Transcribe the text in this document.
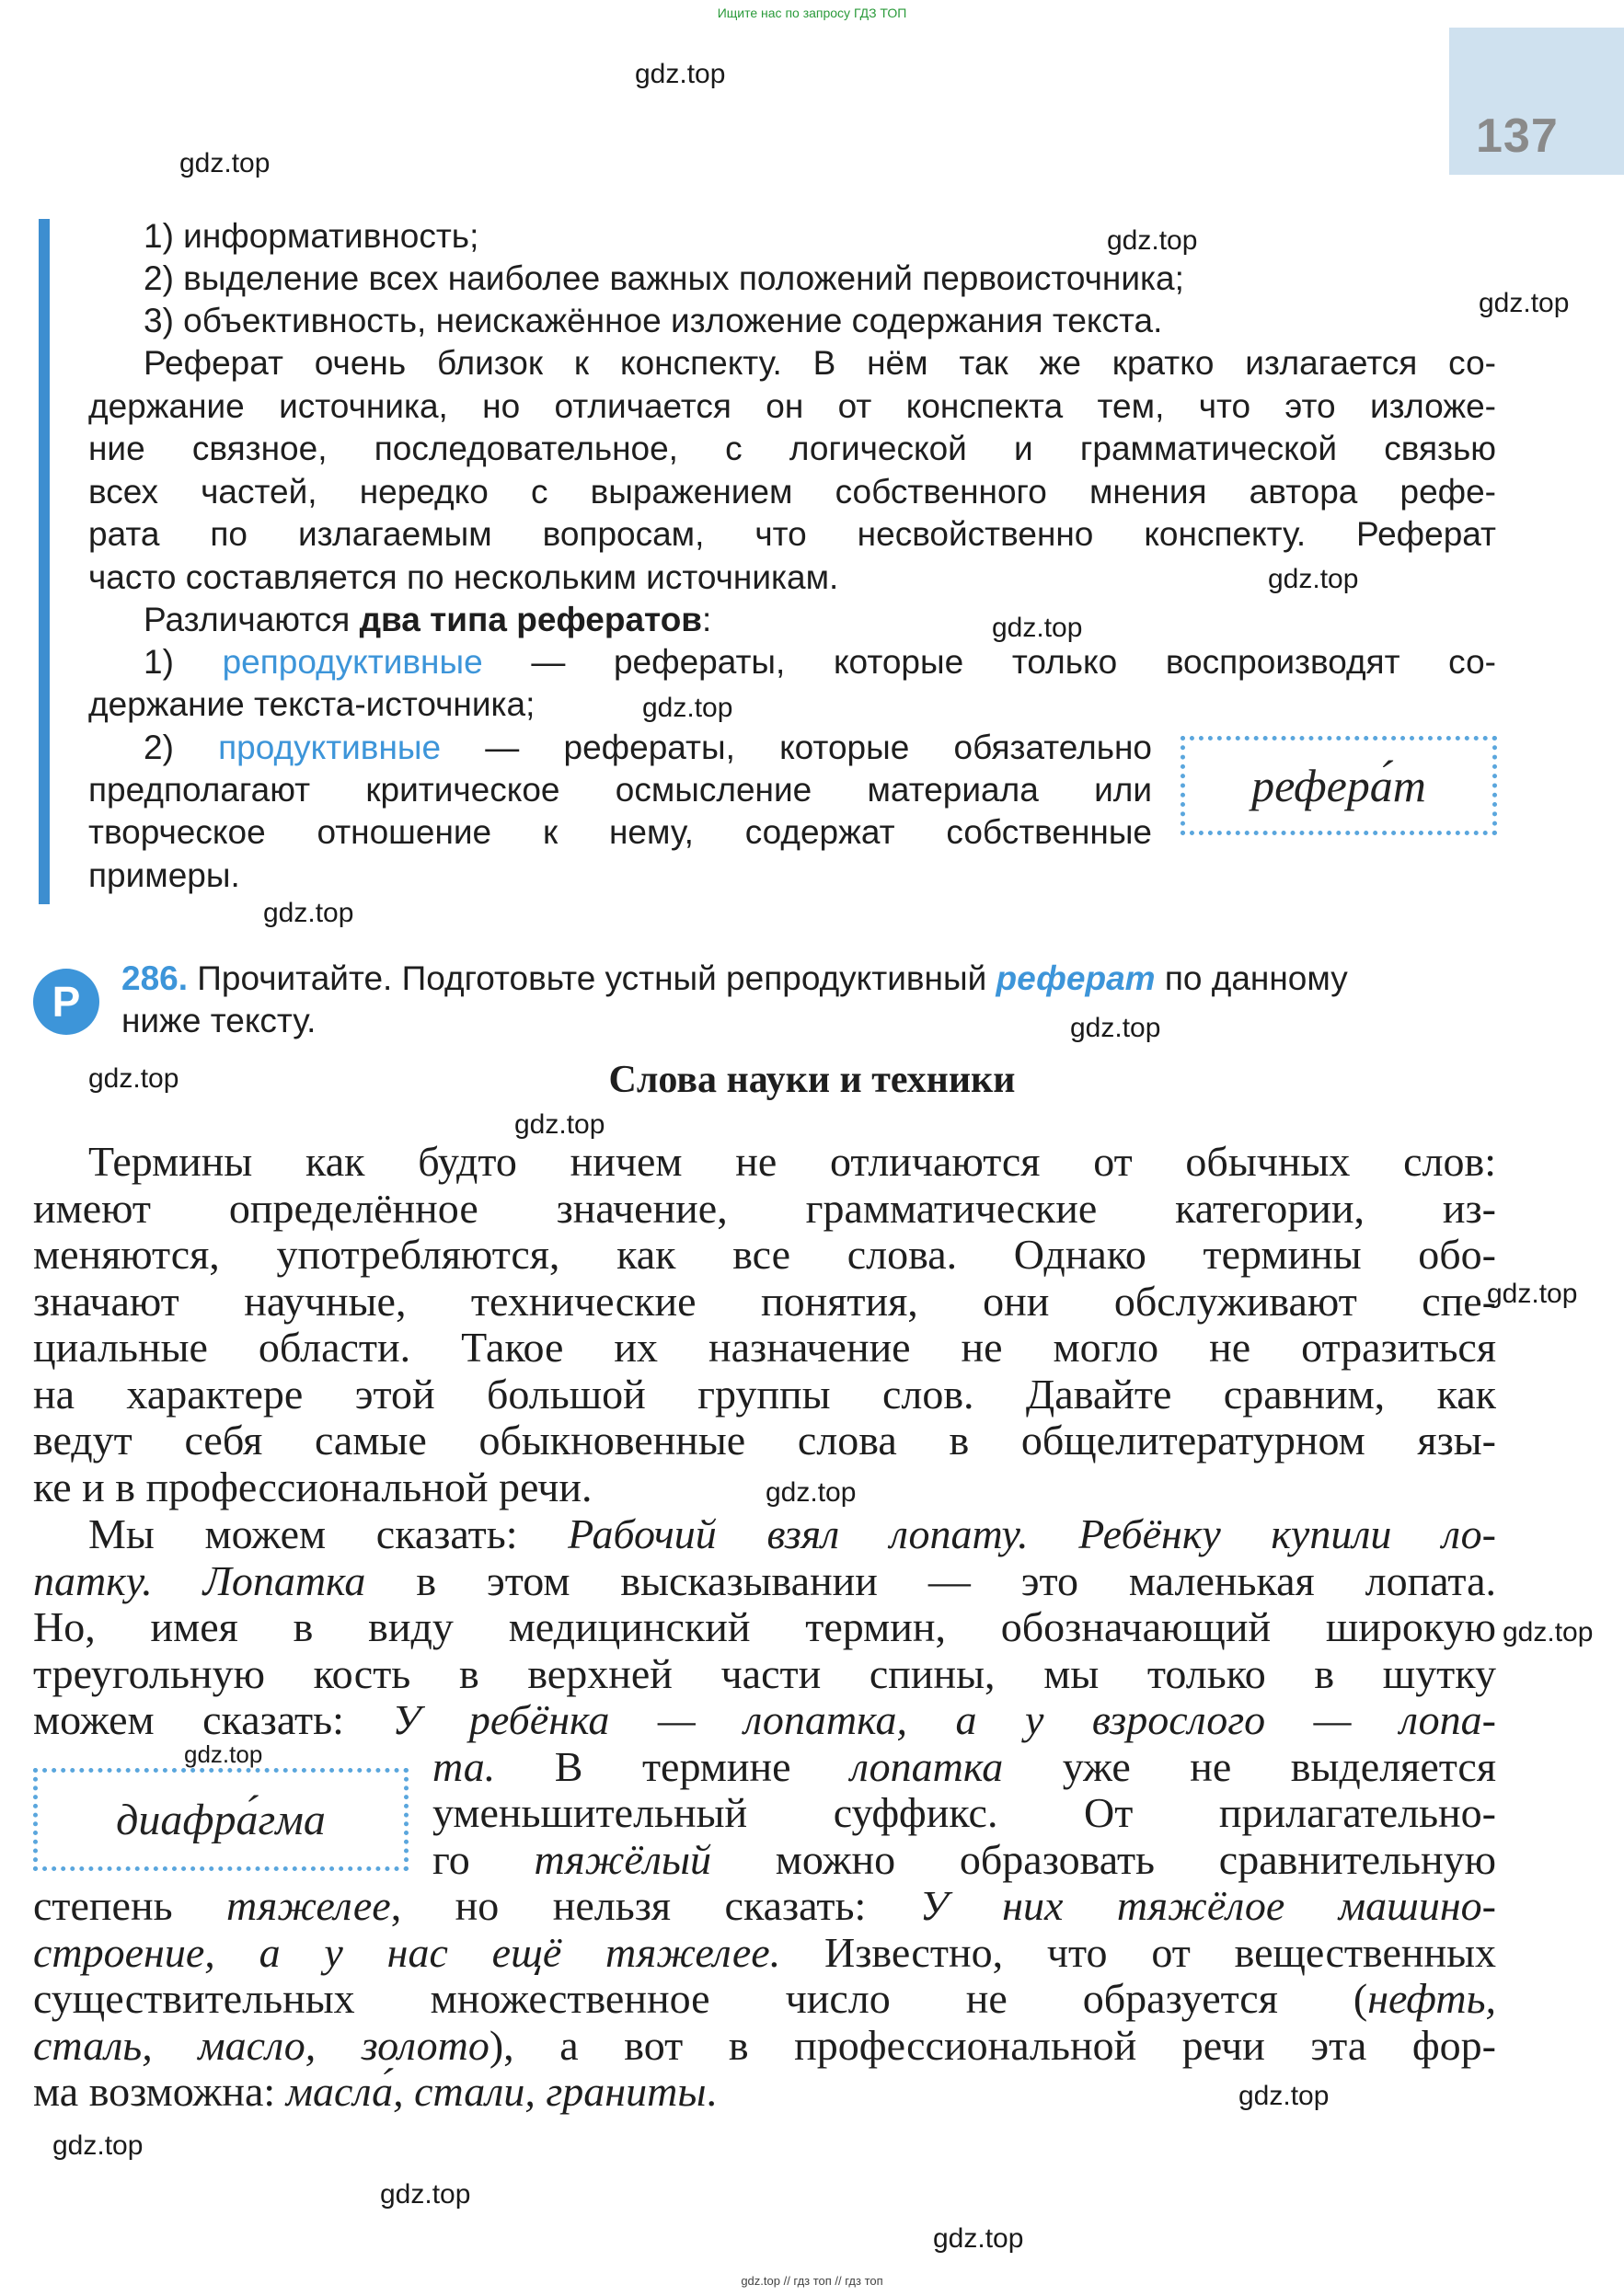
Ищите нас по запросу ГДЗ ТОП
137
1) информативность;
2) выделение всех наиболее важных положений первоисточника;
3) объективность, неискажённое изложение содержания текста.
Реферат очень близок к конспекту. В нём так же кратко излагается со-
держание источника, но отличается он от конспекта тем, что это изложе-
ние связное, последовательное, с логической и грамматической связью
всех частей, нередко с выражением собственного мнения автора рефе-
рата по излагаемым вопросам, что несвойственно конспекту. Реферат
часто составляется по нескольким источникам.
Различаются два типа рефератов:
1) репродуктивные — рефераты, которые только воспроизводят со-
держание текста-источника;
2) продуктивные — рефераты, которые обязательно
предполагают критическое осмысление материала или
творческое отношение к нему, содержат собственные
примеры.
рефера́т
Р	286. Прочитайте. Подготовьте устный репродуктивный реферат по данному
ниже тексту.
Слова науки и техники
Термины как будто ничем не отличаются от обычных слов:
имеют определённое значение, грамматические категории, из-
меняются, употребляются, как все слова. Однако термины обо-
значают научные, технические понятия, они обслуживают спе-
циальные области. Такое их назначение не могло не отразиться
на характере этой большой группы слов. Давайте сравним, как
ведут себя самые обыкновенные слова в общелитературном язы-
ке и в профессиональной речи.
Мы можем сказать: Рабочий взял лопату. Ребёнку купили ло-
патку. Лопатка в этом высказывании — это маленькая лопата.
Но, имея в виду медицинский термин, обозначающий широкую
треугольную кость в верхней части спины, мы только в шутку
можем сказать: У ребёнка — лопатка, а у взрослого — лопа-
та. В термине лопатка уже не выделяется
уменьшительный суффикс. От прилагательно-
го тяжёлый можно образовать сравнительную
степень тяжелее, но нельзя сказать: У них тяжёлое машино-
строение, а у нас ещё тяжелее. Известно, что от вещественных
существительных множественное число не образуется (нефть,
сталь, масло, золото), а вот в профессиональной речи эта фор-
ма возможна: масла́, стали, граниты.
диафра́гма
gdz.top
gdz.top
gdz.top
gdz.top
gdz.top
gdz.top
gdz.top
gdz.top
gdz.top
gdz.top
gdz.top
gdz.top
gdz.top
gdz.top
gdz.top
gdz.top
gdz.top
gdz.top
gdz.top
gdz.top // гдз топ // гдз топ
